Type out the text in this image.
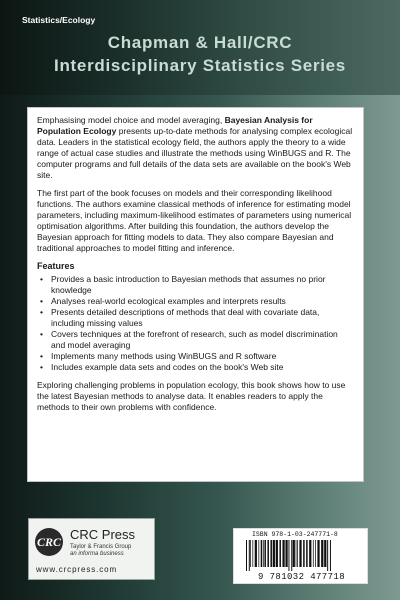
Statistics/Ecology
Chapman & Hall/CRC
Interdisciplinary Statistics Series

Emphasising model choice and model averaging, Bayesian Analysis for Population Ecology presents up-to-date methods for analysing complex ecological data. Leaders in the statistical ecology field, the authors apply the theory to a wide range of actual case studies and illustrate the methods using WinBUGS and R. The computer programs and full details of the data sets are available on the book's Web site.

The first part of the book focuses on models and their corresponding likelihood functions. The authors examine classical methods of inference for estimating model parameters, including maximum-likelihood estimates of parameters using numerical optimisation algorithms. After building this foundation, the authors develop the Bayesian approach for fitting models to data. They also compare Bayesian and traditional approaches to model fitting and inference.

Features
• Provides a basic introduction to Bayesian methods that assumes no prior knowledge
• Analyses real-world ecological examples and interprets results
• Presents detailed descriptions of methods that deal with covariate data, including missing values
• Covers techniques at the forefront of research, such as model discrimination and model averaging
• Implements many methods using WinBUGS and R software
• Includes example data sets and codes on the book's Web site

Exploring challenging problems in population ecology, this book shows how to use the latest Bayesian methods to analyse data. It enables readers to apply the methods to their own problems with confidence.

CRC CRC Press
Taylor & Francis Group
an informa business
www.crcpress.com
ISBN 978-1-03-247771-8
9 781032 477718
